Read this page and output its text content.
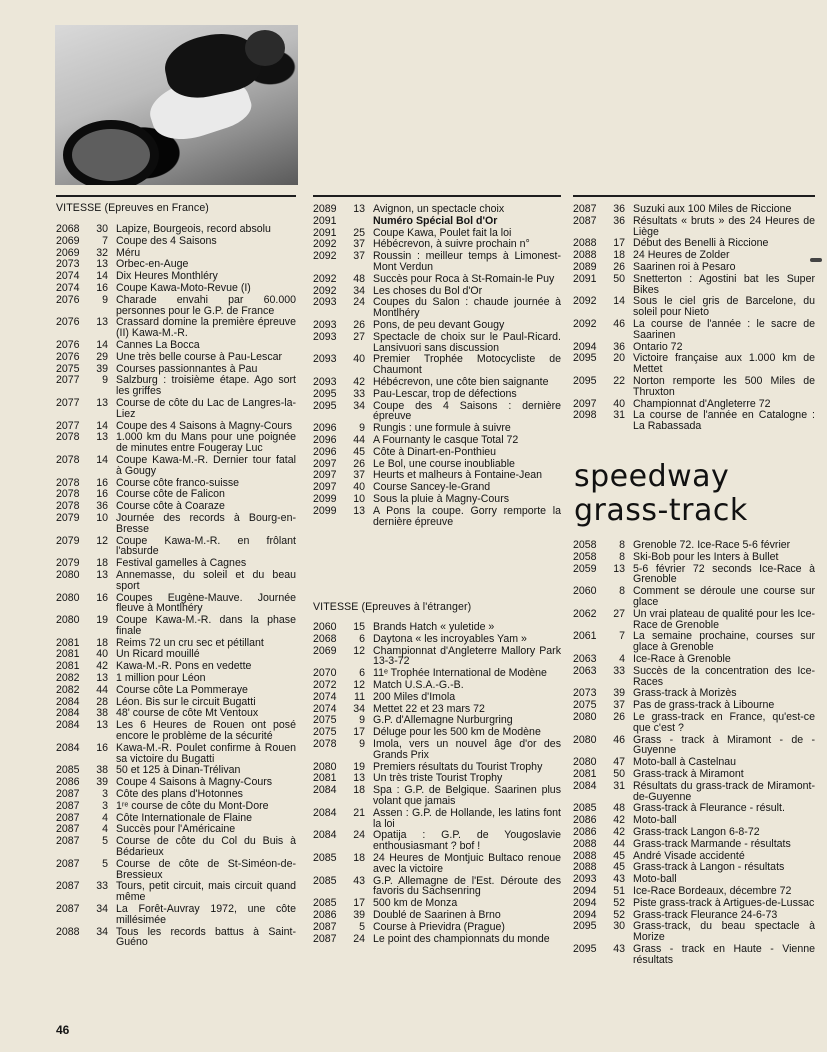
VITESSE (Epreuves en France)
2068	30 Lapize, Bourgeois, record absolu
2069	7 Coupe des 4 Saisons
2069	32 Méru
2073	13 Orbec-en-Auge
2074	14 Dix Heures Monthléry
2074	16 Coupe Kawa-Moto-Revue (I)
2076	9 Charade envahi par 60.000 personnes pour le G.P. de France
2076	13 Crassard domine la première épreuve (II) Kawa-M.-R.
2076	14 Cannes La Bocca
2076	29 Une très belle course à Pau-Lescar
2075	39 Courses passionnantes à Pau
2077	9 Salzburg : troisième étape. Ago sort les griffes
2077	13 Course de côte du Lac de Langres-la-Liez
2077	14 Coupe des 4 Saisons à Magny-Cours
2078	13 1.000 km du Mans pour une poignée de minutes entre Fougeray Luc
2078	14 Coupe Kawa-M.-R. Dernier tour fatal à Gougy
2078	16 Course côte franco-suisse
2078	16 Course côte de Falicon
2078	36 Course côte à Coaraze
2079	10 Journée des records à Bourg-en-Bresse
2079	12 Coupe Kawa-M.-R. en frôlant l'absurde
2079	18 Festival gamelles à Cagnes
2080	13 Annemasse, du soleil et du beau sport
2080	16 Coupes Eugène-Mauve. Journée fleuve à Montlhéry
2080	19 Coupe Kawa-M.-R. dans la phase finale
2081	18 Reims 72 un cru sec et pétillant
2081	40 Un Ricard mouillé
2081	42 Kawa-M.-R. Pons en vedette
2082	13 1 million pour Léon
2082	44 Course côte La Pommeraye
2084	28 Léon. Bis sur le circuit Bugatti
2084	38 48' course de côte Mt Ventoux
2084	13 Les 6 Heures de Rouen ont posé encore le problème de la sécurité
2084	16 Kawa-M.-R. Poulet confirme à Rouen sa victoire du Bugatti
2085	38 50 et 125 à Dinan-Trélivan
2086	39 Coupe 4 Saisons à Magny-Cours
2087	3 Côte des plans d'Hotonnes
2087	3 1ʳᵉ course de côte du Mont-Dore
2087	4 Côte Internationale de Flaine
2087	4 Succès pour l'Américaine
2087	5 Course de côte du Col du Buis à Bédarieux
2087	5 Course de côte de St-Siméon-de-Bressieux
2087	33 Tours, petit circuit, mais circuit quand même
2087	34 La Forêt-Auvray 1972, une côte millésimée
2088	34 Tous les records battus à Saint-Guéno
2089	13 Avignon, un spectacle choix
2091	Numéro Spécial Bol d'Or
2091	25 Coupe Kawa, Poulet fait la loi
2092	37 Hébécrevon, à suivre prochain n°
2092	37 Roussin : meilleur temps à Limonest-Mont Verdun
2092	48 Succès pour Roca à St-Romain-le Puy
2092	34 Les choses du Bol d'Or
2093	24 Coupes du Salon : chaude journée à Montlhéry
2093	26 Pons, de peu devant Gougy
2093	27 Spectacle de choix sur le Paul-Ricard. Lansivuori sans discussion
2093	40 Premier Trophée Motocycliste de Chaumont
2093	42 Hébécrevon, une côte bien saignante
2095	33 Pau-Lescar, trop de défections
2095	34 Coupe des 4 Saisons : dernière épreuve
2096	9 Rungis : une formule à suivre
2096	44 A Fournanty le casque Total 72
2096	45 Côte à Dinart-en-Ponthieu
2097	26 Le Bol, une course inoubliable
2097	37 Heurts et malheurs à Fontaine-Jean
2097	40 Course Sancey-le-Grand
2099	10 Sous la pluie à Magny-Cours
2099	13 A Pons la coupe. Gorry remporte la dernière épreuve
VITESSE (Epreuves à l'étranger)
2060	15 Brands Hatch « yuletide »
2068	6 Daytona « les incroyables Yam »
2069	12 Championnat d'Angleterre Mallory Park 13-3-72
2070	6 11ᵉ Trophée International de Modène
2072	12 Match U.S.A.-G.-B.
2074	11 200 Miles d'Imola
2074	34 Mettet 22 et 23 mars 72
2075	9 G.P. d'Allemagne Nurburgring
2075	17 Déluge pour les 500 km de Modène
2078	9 Imola, vers un nouvel âge d'or des Grands Prix
2080	19 Premiers résultats du Tourist Trophy
2081	13 Un très triste Tourist Trophy
2084	18 Spa : G.P. de Belgique. Saarinen plus volant que jamais
2084	21 Assen : G.P. de Hollande, les latins font la loi
2084	24 Opatija : G.P. de Yougoslavie enthousiasmant ? bof !
2085	18 24 Heures de Montjuic Bultaco renoue avec la victoire
2085	43 G.P. Allemagne de l'Est. Déroute des favoris du Sachsenring
2085	17 500 km de Monza
2086	39 Doublé de Saarinen à Brno
2087	5 Course à Prievidra (Prague)
2087	24 Le point des championnats du monde
2087	36 Suzuki aux 100 Miles de Riccione
2087	36 Résultats « bruts » des 24 Heures de Liège
2088	17 Début des Benelli à Riccione
2088	18 24 Heures de Zolder
2089	26 Saarinen roi à Pesaro
2091	50 Snetterton : Agostini bat les Super Bikes
2092	14 Sous le ciel gris de Barcelone, du soleil pour Nieto
2092	46 La course de l'année : le sacre de Saarinen
2094	36 Ontario 72
2095	20 Victoire française aux 1.000 km de Mettet
2095	22 Norton remporte les 500 Miles de Thruxton
2097	40 Championnat d'Angleterre 72
2098	31 La course de l'année en Catalogne : La Rabassada
speedway
grass-track
2058	8 Grenoble 72. Ice-Race 5-6 février
2058	8 Ski-Bob pour les Inters à Bullet
2059	13 5-6 février 72 seconds Ice-Race à Grenoble
2060	8 Comment se déroule une course sur glace
2062	27 Un vrai plateau de qualité pour les Ice-Race de Grenoble
2061	7 La semaine prochaine, courses sur glace à Grenoble
2063	4 Ice-Race à Grenoble
2063	33 Succès de la concentration des Ice-Races
2073	39 Grass-track à Morizès
2075	37 Pas de grass-track à Libourne
2080	26 Le grass-track en France, qu'est-ce que c'est ?
2080	46 Grass - track à Miramont - de - Guyenne
2080	47 Moto-ball à Castelnau
2081	50 Grass-track à Miramont
2084	31 Résultats du grass-track de Miramont-de-Guyenne
2085	48 Grass-track à Fleurance - résult.
2086	42 Moto-ball
2086	42 Grass-track Langon 6-8-72
2088	44 Grass-track Marmande - résultats
2088	45 André Visade accidenté
2088	45 Grass-track à Langon - résultats
2093	43 Moto-ball
2094	51 Ice-Race Bordeaux, décembre 72
2094	52 Piste grass-track à Artigues-de-Lussac
2094	52 Grass-track Fleurance 24-6-73
2095	30 Grass-track, du beau spectacle à Morize
2095	43 Grass - track en Haute - Vienne résultats
46
